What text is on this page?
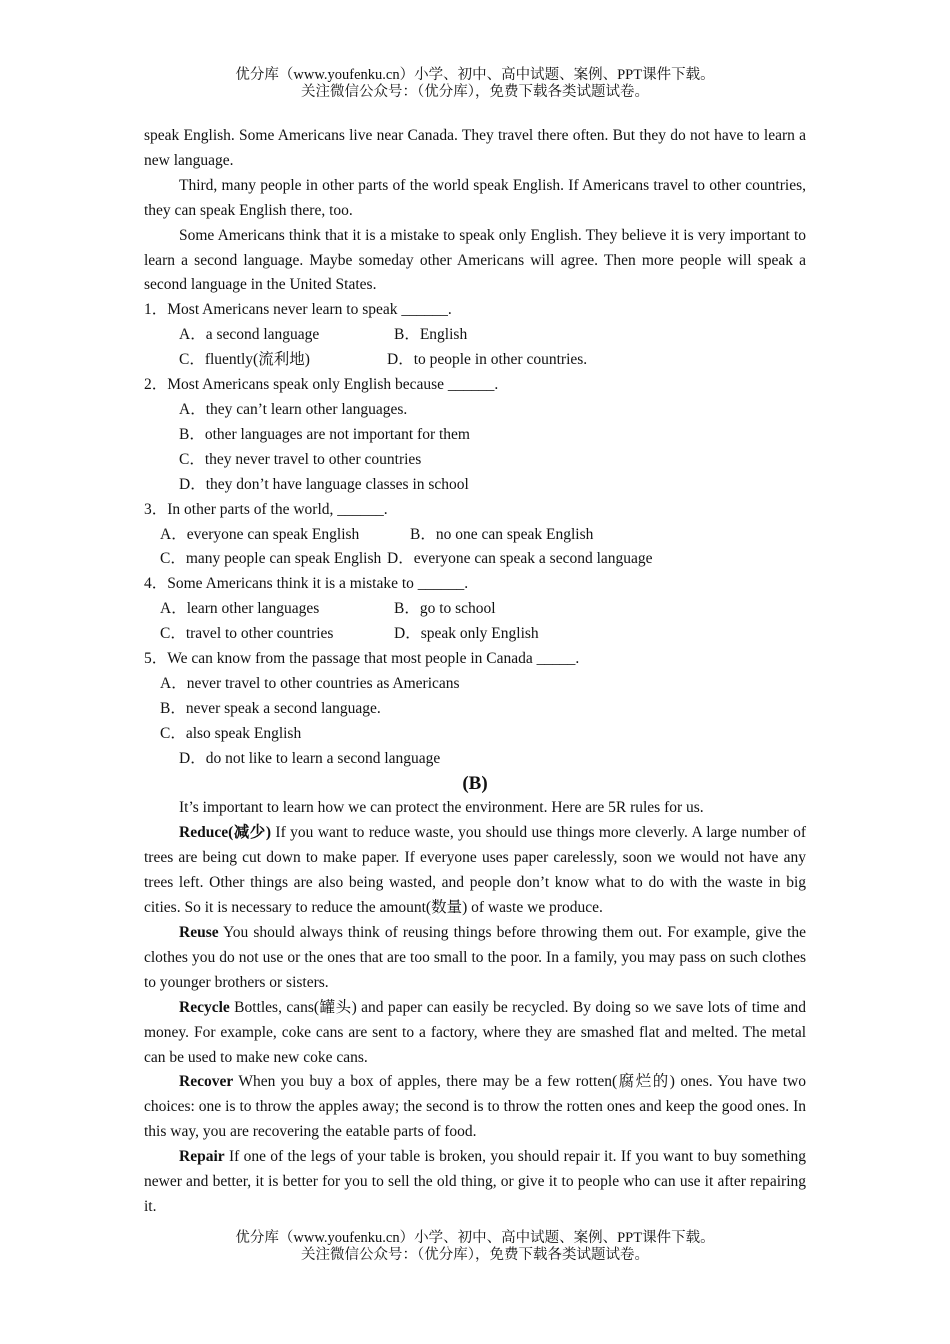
优分库（www.youfenku.cn）小学、初中、高中试题、案例、PPT课件下载。
关注微信公众号：（优分库），免费下载各类试题试卷。

speak English. Some Americans live near Canada. They travel there often. But they do not have to learn a new language.

Third, many people in other parts of the world speak English. If Americans travel to other countries, they can speak English there, too.

Some Americans think that it is a mistake to speak only English. They believe it is very important to learn a second language. Maybe someday other Americans will agree. Then more people will speak a second language in the United States.

1．Most Americans never learn to speak ______.

A．a second language	B．English

C．fluently(流利地)	D．to people in other countries.

2．Most Americans speak only English because ______.

A．they can’t learn other languages.

B．other languages are not important for them

C．they never travel to other countries

D．they don’t have language classes in school

3．In other parts of the world, ______.

A．everyone can speak English	B．no one can speak English

C．many people can speak English D．everyone can speak a second language

4．Some Americans think it is a mistake to ______.

A．learn other languages	B．go to school

C．travel to other countries	D．speak only English

5．We can know from the passage that most people in Canada _____.

A．never travel to other countries as Americans

B．never speak a second language.

C．also speak English

D．do not like to learn a second language

(B)

It’s important to learn how we can protect the environment. Here are 5R rules for us.

Reduce(减少) If you want to reduce waste, you should use things more cleverly. A large number of trees are being cut down to make paper. If everyone uses paper carelessly, soon we would not have any trees left. Other things are also being wasted, and people don’t know what to do with the waste in big cities. So it is necessary to reduce the amount(数量) of waste we produce.

Reuse You should always think of reusing things before throwing them out. For example, give the clothes you do not use or the ones that are too small to the poor. In a family, you may pass on such clothes to younger brothers or sisters.

Recycle Bottles, cans(罐头) and paper can easily be recycled. By doing so we save lots of time and money. For example, coke cans are sent to a factory, where they are smashed flat and melted. The metal can be used to make new coke cans.

Recover When you buy a box of apples, there may be a few rotten(腐烂的) ones. You have two choices: one is to throw the apples away; the second is to throw the rotten ones and keep the good ones. In this way, you are recovering the eatable parts of food.

Repair If one of the legs of your table is broken, you should repair it. If you want to buy something newer and better, it is better for you to sell the old thing, or give it to people who can use it after repairing it.

优分库（www.youfenku.cn）小学、初中、高中试题、案例、PPT课件下载。
关注微信公众号：（优分库），免费下载各类试题试卷。
